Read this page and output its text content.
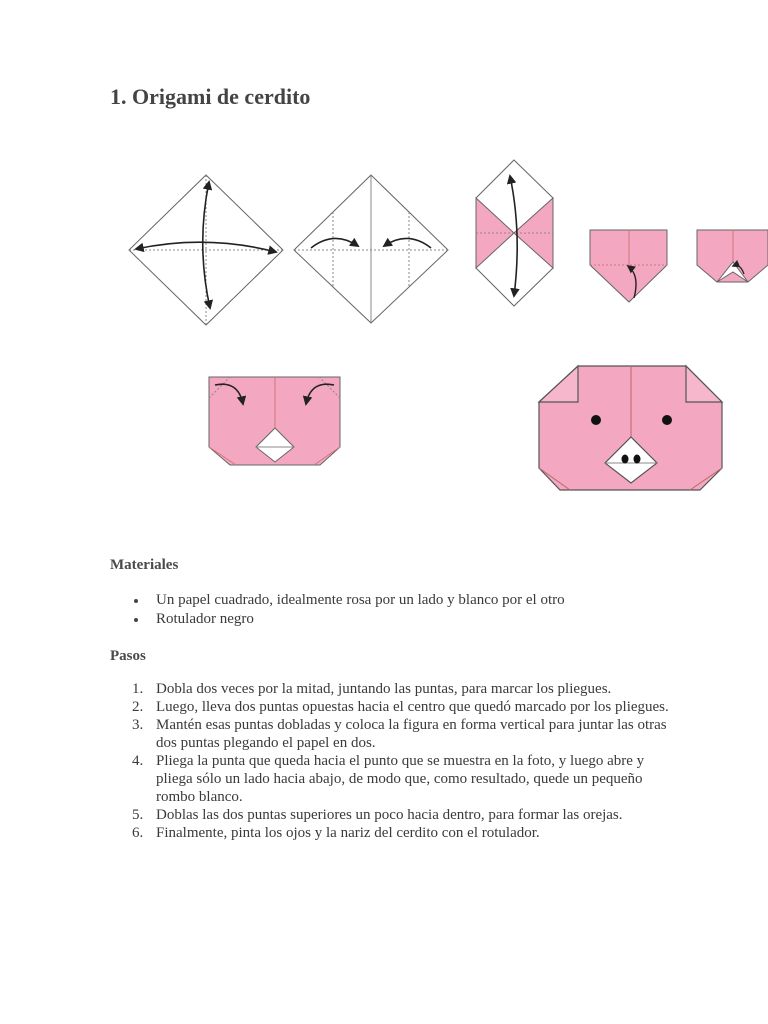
1. Origami de cerdito
Materiales
Un papel cuadrado, idealmente rosa por un lado y blanco por el otro
Rotulador negro
Pasos
1. Dobla dos veces por la mitad, juntando las puntas, para marcar los pliegues.
2. Luego, lleva dos puntas opuestas hacia el centro que quedó marcado por los pliegues.
3. Mantén esas puntas dobladas y coloca la figura en forma vertical para juntar las otras dos puntas plegando el papel en dos.
4. Pliega la punta que queda hacia el punto que se muestra en la foto, y luego abre y pliega sólo un lado hacia abajo, de modo que, como resultado, quede un pequeño rombo blanco.
5. Doblas las dos puntas superiores un poco hacia dentro, para formar las orejas.
6. Finalmente, pinta los ojos y la nariz del cerdito con el rotulador.
